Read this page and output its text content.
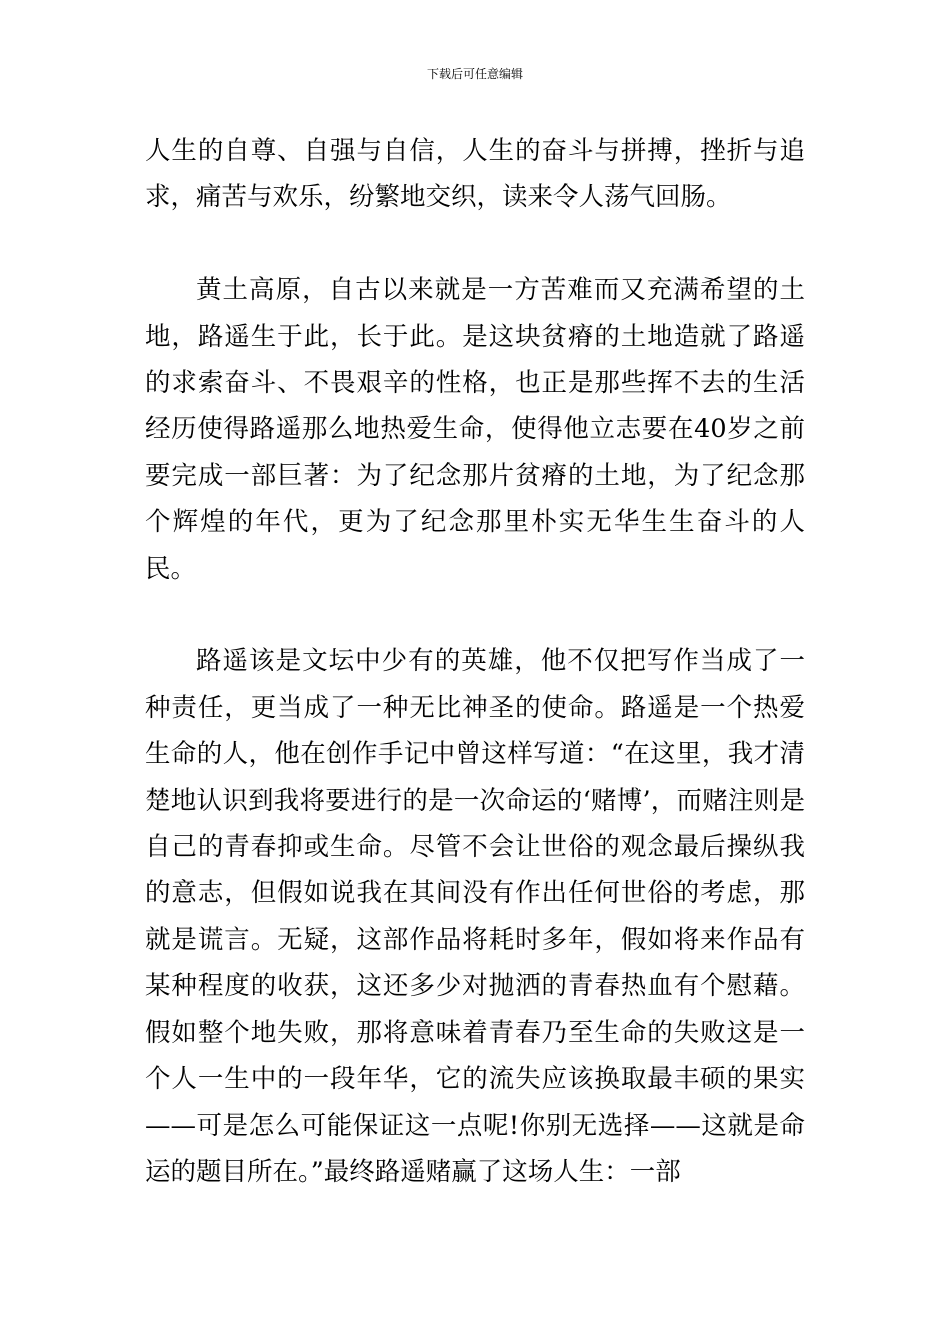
下载后可任意编辑

人生的自尊、自强与自信，人生的奋斗与拼搏，挫折与追求，痛苦与欢乐，纷繁地交织，读来令人荡气回肠。

黄土高原，自古以来就是一方苦难而又充满希望的土地，路遥生于此，长于此。是这块贫瘠的土地造就了路遥的求索奋斗、不畏艰辛的性格，也正是那些挥不去的生活经历使得路遥那么地热爱生命，使得他立志要在40岁之前要完成一部巨著：为了纪念那片贫瘠的土地，为了纪念那个辉煌的年代，更为了纪念那里朴实无华生生奋斗的人民。

路遥该是文坛中少有的英雄，他不仅把写作当成了一种责任，更当成了一种无比神圣的使命。路遥是一个热爱生命的人，他在创作手记中曾这样写道：“在这里，我才清楚地认识到我将要进行的是一次命运的‘赌博’，而赌注则是自己的青春抑或生命。尽管不会让世俗的观念最后操纵我的意志，但假如说我在其间没有作出任何世俗的考虑，那就是谎言。无疑，这部作品将耗时多年，假如将来作品有某种程度的收获，这还多少对抛洒的青春热血有个慰藉。假如整个地失败，那将意味着青春乃至生命的失败这是一个人一生中的一段年华，它的流失应该换取最丰硕的果实——可是怎么可能保证这一点呢!你别无选择——这就是命运的题目所在。”最终路遥赌赢了这场人生：一部
